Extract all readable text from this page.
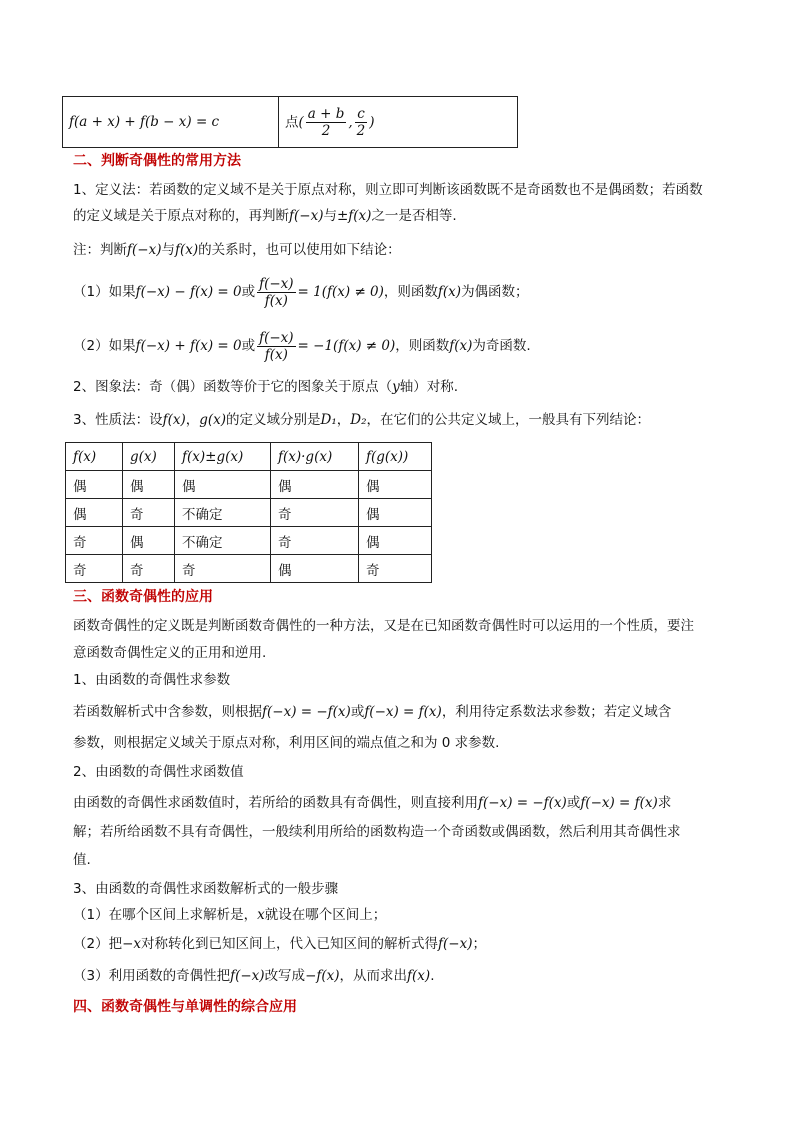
f(a + x) + f(b − x) = c	点( $\frac{a + b}{2}$ , $\frac{c}{2}$ )
二、判断奇偶性的常用方法
1、定义法：若函数的定义域不是关于原点对称，则立即可判断该函数既不是奇函数也不是偶函数；若函数
的定义域是关于原点对称的，再判断f(−x)与±f(x)之一是否相等.
注：判断f(−x)与f(x)的关系时，也可以使用如下结论：
（1）如果f(−x) − f(x) = 0或 $\frac{f(-x)}{f(x)} = 1(f(x) \ne 0)$，则函数f(x)为偶函数；
（2）如果f(−x) + f(x) = 0或 $\frac{f(-x)}{f(x)} = -1(f(x) \ne 0)$，则函数f(x)为奇函数.
2、图象法：奇（偶）函数等价于它的图象关于原点（y轴）对称.
3、性质法：设f(x)，g(x)的定义域分别是D₁，D₂，在它们的公共定义域上，一般具有下列结论：
f(x)	g(x)	f(x)±g(x)	f(x)·g(x)	f(g(x))
偶	偶	偶	偶	偶
偶	奇	不确定	奇	偶
奇	偶	不确定	奇	偶
奇	奇	奇	偶	奇
三、函数奇偶性的应用
函数奇偶性的定义既是判断函数奇偶性的一种方法，又是在已知函数奇偶性时可以运用的一个性质，要注
意函数奇偶性定义的正用和逆用.
1、由函数的奇偶性求参数
若函数解析式中含参数，则根据f(−x) = −f(x)或f(−x) = f(x)，利用待定系数法求参数；若定义域含
参数，则根据定义域关于原点对称，利用区间的端点值之和为 0 求参数.
2、由函数的奇偶性求函数值
由函数的奇偶性求函数值时，若所给的函数具有奇偶性，则直接利用f(−x) = −f(x)或f(−x) = f(x)求
解；若所给函数不具有奇偶性，一般续利用所给的函数构造一个奇函数或偶函数，然后利用其奇偶性求
值.
3、由函数的奇偶性求函数解析式的一般步骤
（1）在哪个区间上求解析是，x就设在哪个区间上；
（2）把−x对称转化到已知区间上，代入已知区间的解析式得f(−x)；
（3）利用函数的奇偶性把f(−x)改写成−f(x)，从而求出f(x).
四、函数奇偶性与单调性的综合应用
